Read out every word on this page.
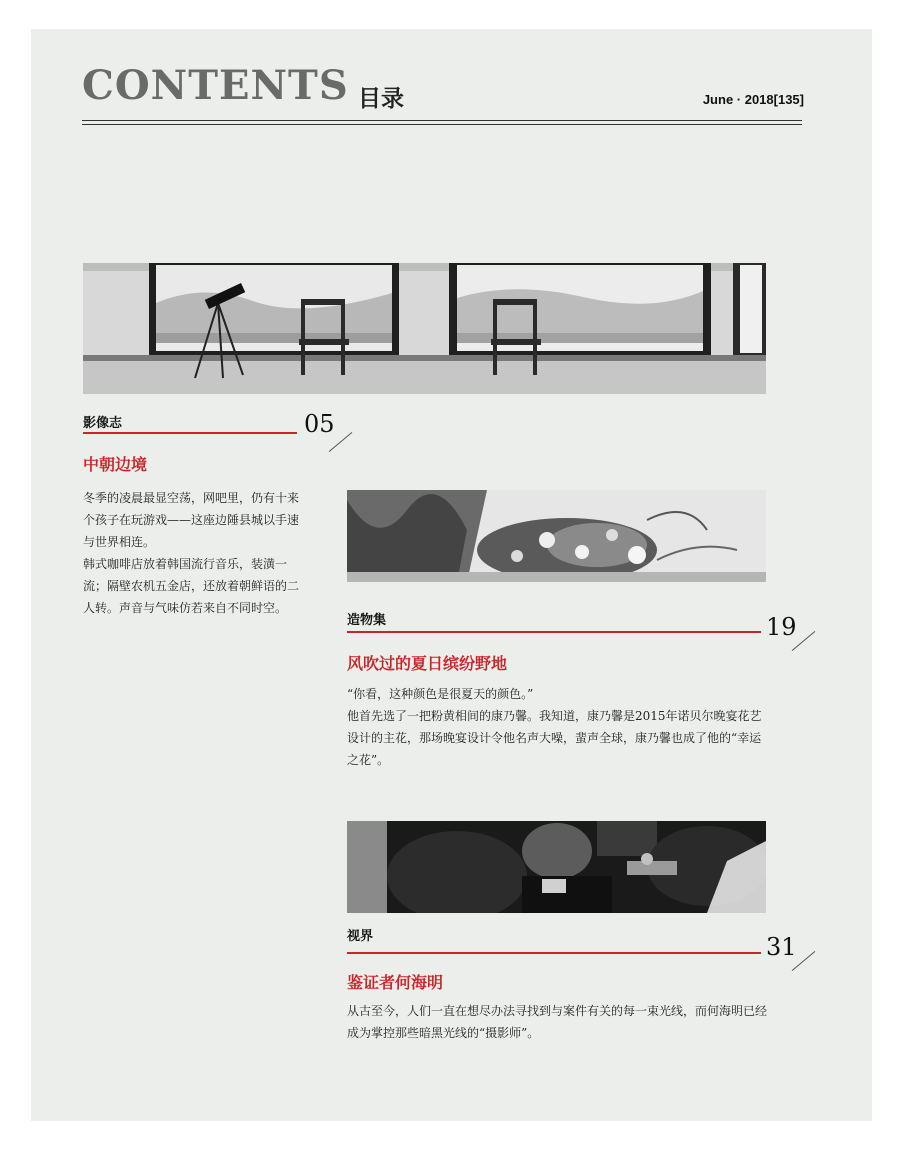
CONTENTS 目录	June · 2018[135]
影像志	05
中朝边境

冬季的凌晨最显空荡，网吧里，仍有十来个孩子在玩游戏——这座边陲县城以手速与世界相连。

韩式咖啡店放着韩国流行音乐，装潢一流；隔壁农机五金店，还放着朝鲜语的二人转。声音与气味仿若来自不同时空。

造物集	19
风吹过的夏日缤纷野地

“你看，这种颜色是很夏天的颜色。”

他首先选了一把粉黄相间的康乃馨。我知道，康乃馨是2015年诺贝尔晚宴花艺设计的主花，那场晚宴设计令他名声大噪，蜚声全球，康乃馨也成了他的“幸运之花”。

视界	31
鉴证者何海明

从古至今，人们一直在想尽办法寻找到与案件有关的每一束光线，而何海明已经成为掌控那些暗黑光线的“摄影师”。
